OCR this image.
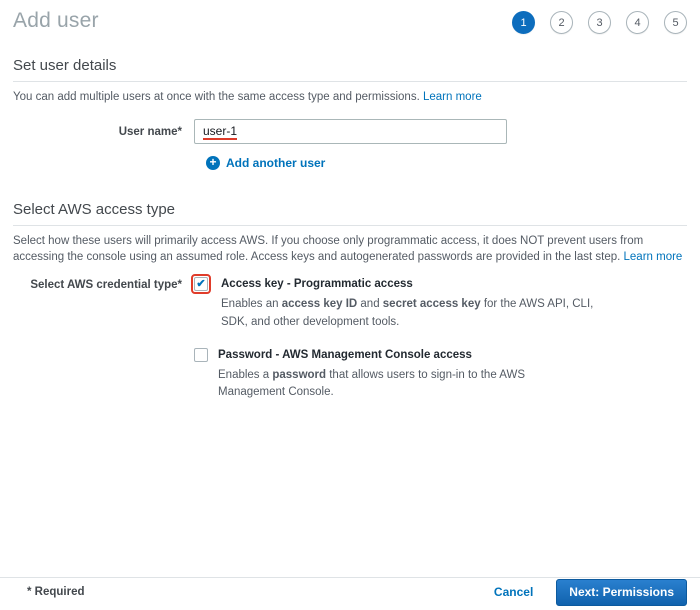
Add user	1	2	3	4	5
Set user details
You can add multiple users at once with the same access type and permissions. Learn more
User name*	user-1
+ Add another user
Select AWS access type
Select how these users will primarily access AWS. If you choose only programmatic access, it does NOT prevent users from accessing the console using an assumed role. Access keys and autogenerated passwords are provided in the last step. Learn more
Select AWS credential type*	✔ Access key - Programmatic access
Enables an access key ID and secret access key for the AWS API, CLI, SDK, and other development tools.
Password - AWS Management Console access
Enables a password that allows users to sign-in to the AWS Management Console.
* Required	Cancel	Next: Permissions
